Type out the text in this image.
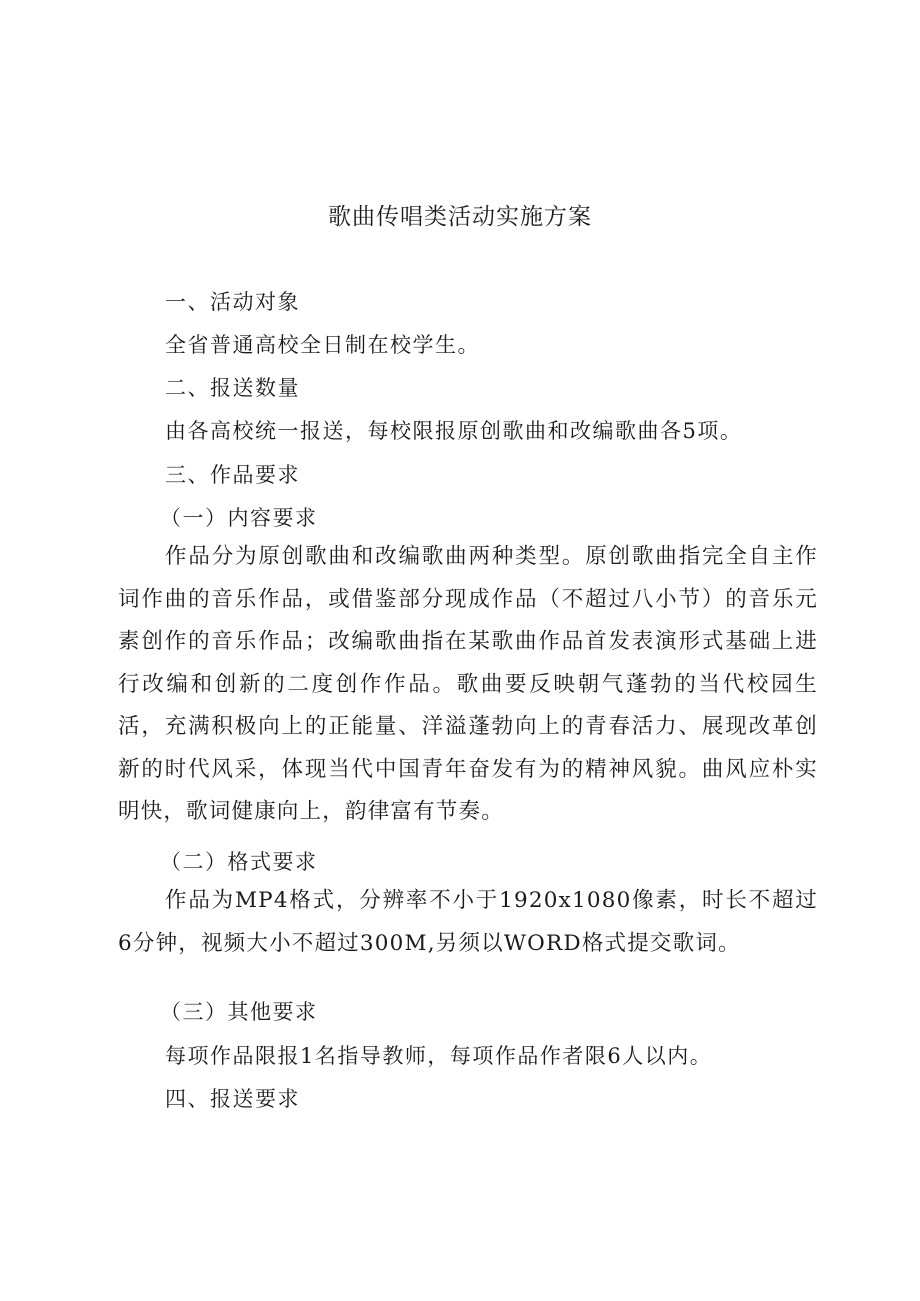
歌曲传唱类活动实施方案
一、活动对象
全省普通高校全日制在校学生。
二、报送数量
由各高校统一报送，每校限报原创歌曲和改编歌曲各5项。
三、作品要求
（一）内容要求
作品分为原创歌曲和改编歌曲两种类型。原创歌曲指完全自主作词作曲的音乐作品，或借鉴部分现成作品（不超过八小节）的音乐元素创作的音乐作品；改编歌曲指在某歌曲作品首发表演形式基础上进行改编和创新的二度创作作品。歌曲要反映朝气蓬勃的当代校园生活，充满积极向上的正能量、洋溢蓬勃向上的青春活力、展现改革创新的时代风采，体现当代中国青年奋发有为的精神风貌。曲风应朴实明快，歌词健康向上，韵律富有节奏。
（二）格式要求
作品为MP4格式，分辨率不小于1920x1080像素，时长不超过6分钟，视频大小不超过300M,另须以WORD格式提交歌词。
（三）其他要求
每项作品限报1名指导教师，每项作品作者限6人以内。
四、报送要求
